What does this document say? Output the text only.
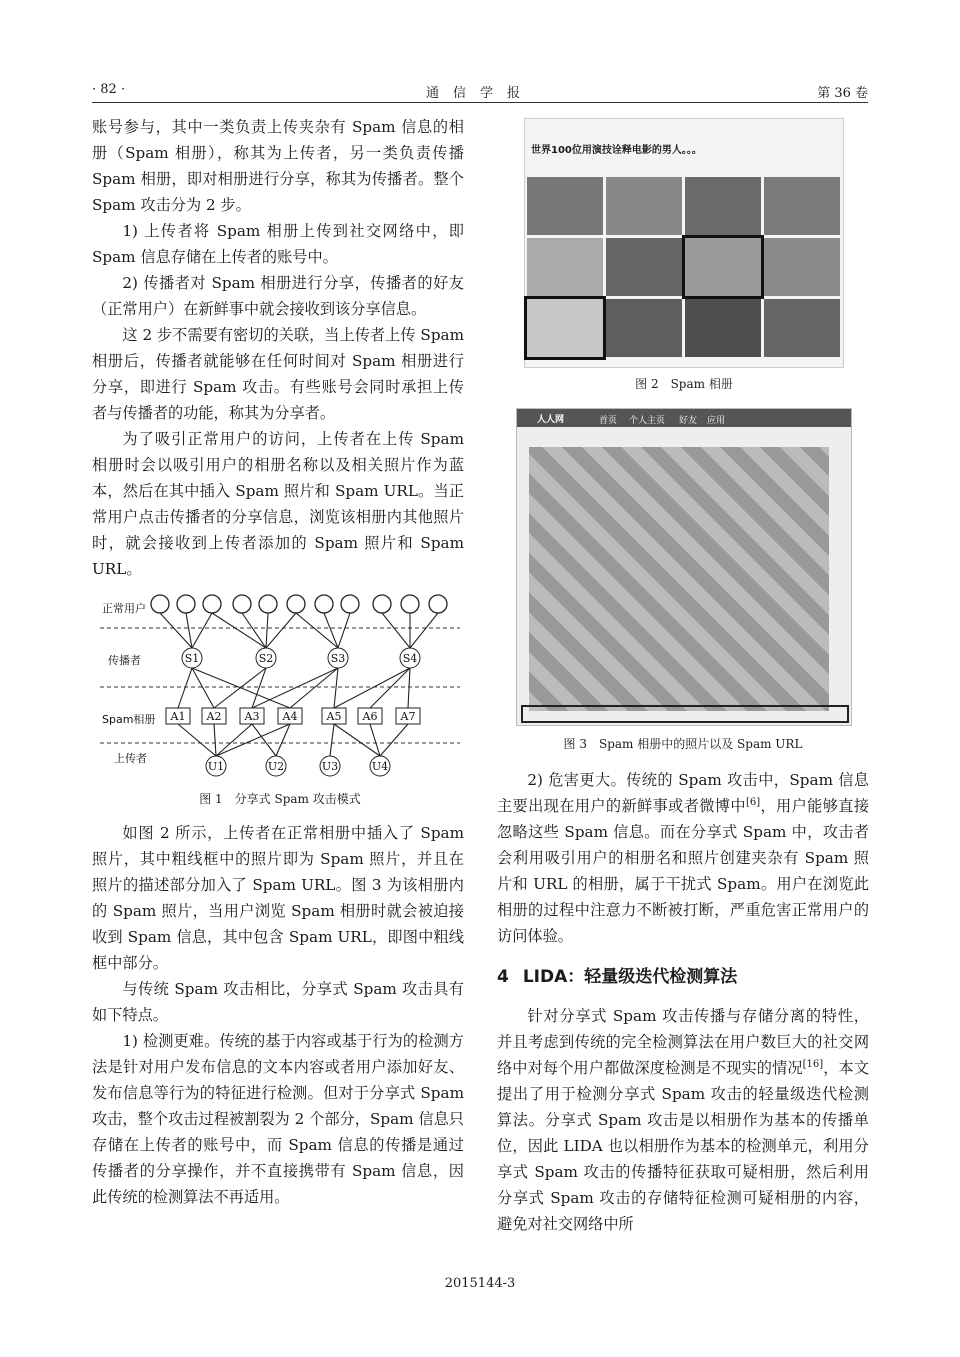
· 82 ·	通信学报	第 36 卷

账号参与，其中一类负责上传夹杂有 Spam 信息的相册（Spam 相册），称其为上传者，另一类负责传播 Spam 相册，即对相册进行分享，称其为传播者。整个 Spam 攻击分为 2 步。

1) 上传者将 Spam 相册上传到社交网络中，即 Spam 信息存储在上传者的账号中。

2) 传播者对 Spam 相册进行分享，传播者的好友（正常用户）在新鲜事中就会接收到该分享信息。

这 2 步不需要有密切的关联，当上传者上传 Spam 相册后，传播者就能够在任何时间对 Spam 相册进行分享，即进行 Spam 攻击。有些账号会同时承担上传者与传播者的功能，称其为分享者。

为了吸引正常用户的访问，上传者在上传 Spam 相册时会以吸引用户的相册名称以及相关照片作为蓝本，然后在其中插入 Spam 照片和 Spam URL。当正常用户点击传播者的分享信息，浏览该相册内其他照片时，就会接收到上传者添加的 Spam 照片和 Spam URL。

正常用户
传播者
Spam相册
上传者
S1	S2	S3	S4
A1 A2 A3 A4	A5 A6 A7
U1	U2	U3	U4
图 1　分享式 Spam 攻击模式

如图 2 所示，上传者在正常相册中插入了 Spam 照片，其中粗线框中的照片即为 Spam 照片，并且在照片的描述部分加入了 Spam URL。图 3 为该相册内的 Spam 照片，当用户浏览 Spam 相册时就会被迫接收到 Spam 信息，其中包含 Spam URL，即图中粗线框中部分。

与传统 Spam 攻击相比，分享式 Spam 攻击具有如下特点。

1) 检测更难。传统的基于内容或基于行为的检测方法是针对用户发布信息的文本内容或者用户添加好友、发布信息等行为的特征进行检测。但对于分享式 Spam 攻击，整个攻击过程被割裂为 2 个部分，Spam 信息只存储在上传者的账号中，而 Spam 信息的传播是通过传播者的分享操作，并不直接携带有 Spam 信息，因此传统的检测算法不再适用。

世界100位用演技诠释电影的男人。。。
图 2　Spam 相册
人人网	首页 个人主页 好友 应用
图 3　Spam 相册中的照片以及 Spam URL

2) 危害更大。传统的 Spam 攻击中，Spam 信息主要出现在用户的新鲜事或者微博中[6]，用户能够直接忽略这些 Spam 信息。而在分享式 Spam 中，攻击者会利用吸引用户的相册名和照片创建夹杂有 Spam 照片和 URL 的相册，属于干扰式 Spam。用户在浏览此相册的过程中注意力不断被打断，严重危害正常用户的访问体验。

4 LIDA：轻量级迭代检测算法

针对分享式 Spam 攻击传播与存储分离的特性，并且考虑到传统的完全检测算法在用户数巨大的社交网络中对每个用户都做深度检测是不现实的情况[16]，本文提出了用于检测分享式 Spam 攻击的轻量级迭代检测算法。分享式 Spam 攻击是以相册作为基本的传播单位，因此 LIDA 也以相册作为基本的检测单元，利用分享式 Spam 攻击的传播特征获取可疑相册，然后利用分享式 Spam 攻击的存储特征检测可疑相册的内容，避免对社交网络中所

2015144-3
